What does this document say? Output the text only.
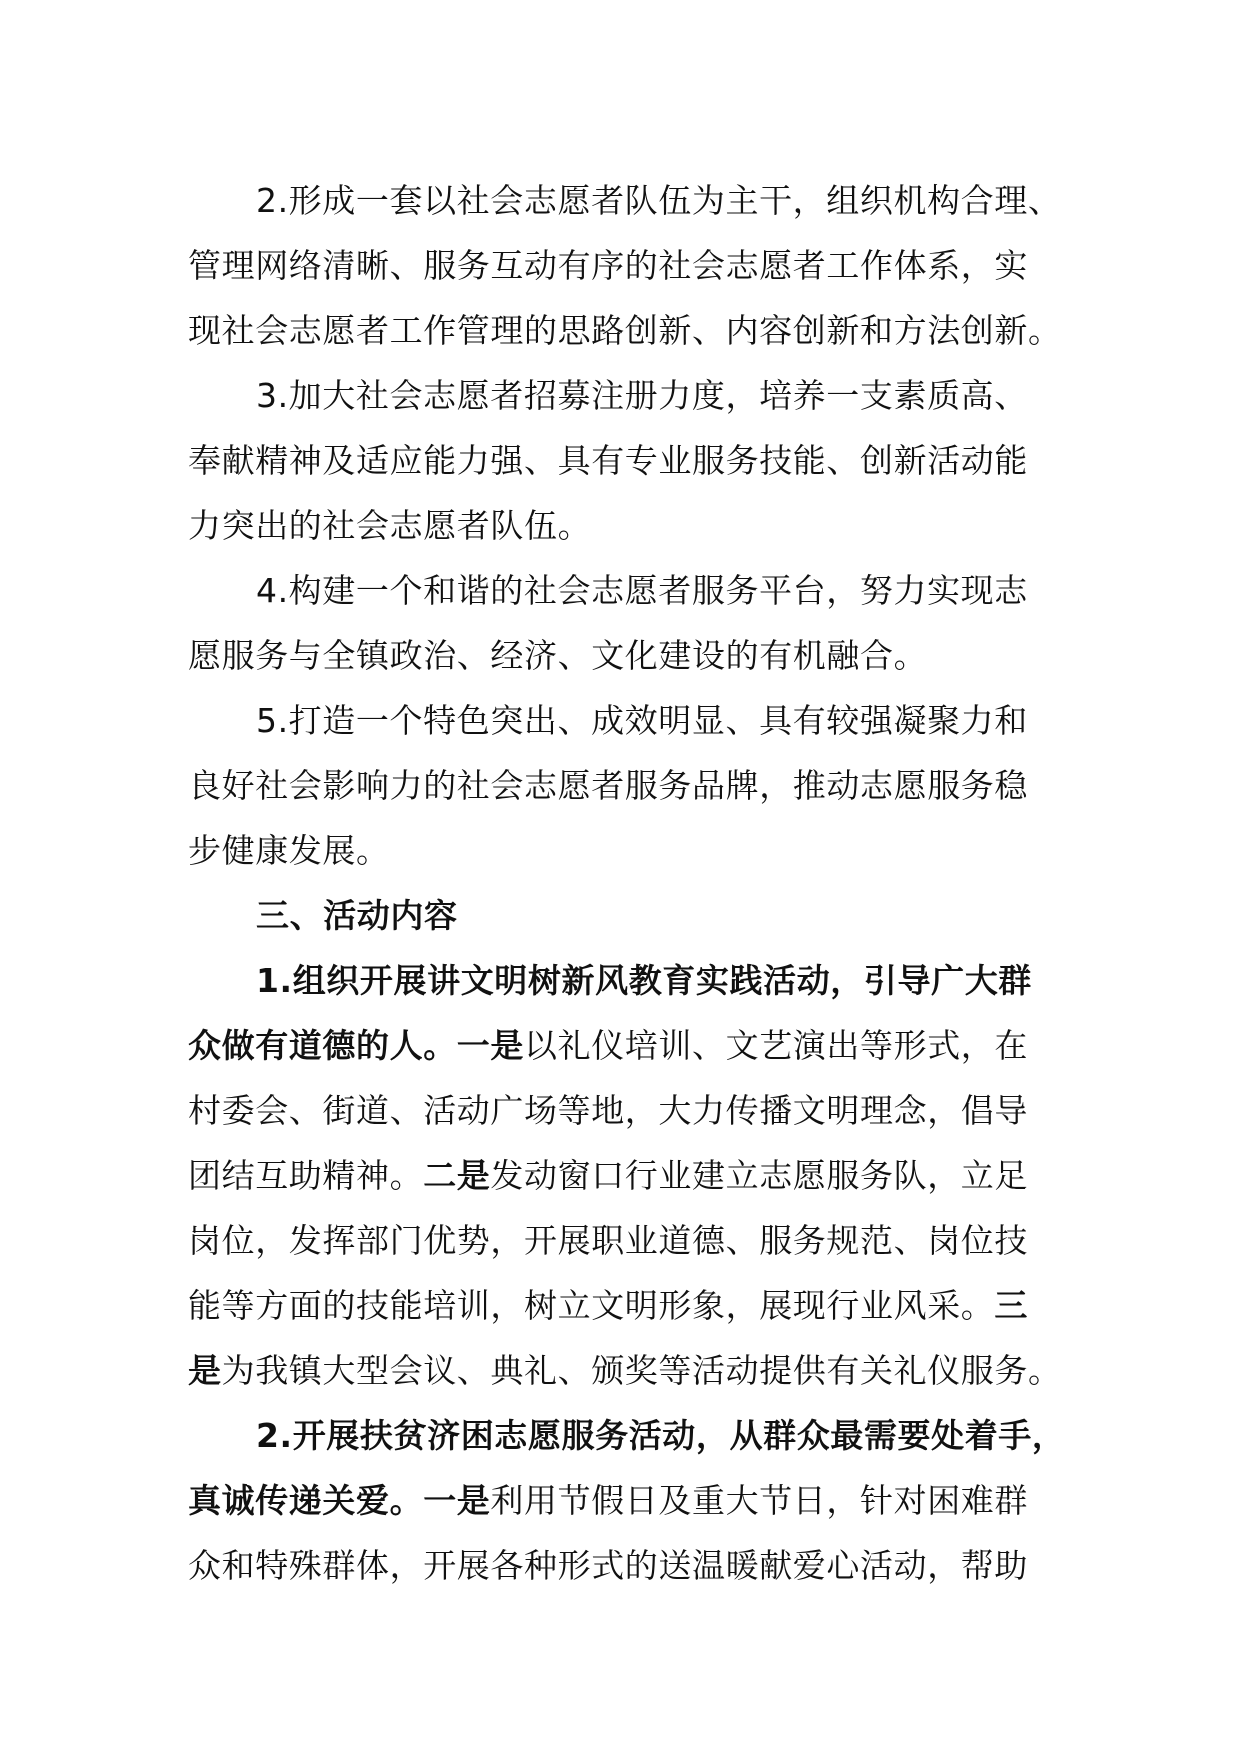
2.形成一套以社会志愿者队伍为主干，组织机构合理、
管理网络清晰、服务互动有序的社会志愿者工作体系，实
现社会志愿者工作管理的思路创新、内容创新和方法创新。
3.加大社会志愿者招募注册力度，培养一支素质高、
奉献精神及适应能力强、具有专业服务技能、创新活动能
力突出的社会志愿者队伍。
4.构建一个和谐的社会志愿者服务平台，努力实现志
愿服务与全镇政治、经济、文化建设的有机融合。
5.打造一个特色突出、成效明显、具有较强凝聚力和
良好社会影响力的社会志愿者服务品牌，推动志愿服务稳
步健康发展。
三、活动内容
1.组织开展讲文明树新风教育实践活动，引导广大群
众做有道德的人。一是以礼仪培训、文艺演出等形式，在
村委会、街道、活动广场等地，大力传播文明理念，倡导
团结互助精神。二是发动窗口行业建立志愿服务队，立足
岗位，发挥部门优势，开展职业道德、服务规范、岗位技
能等方面的技能培训，树立文明形象，展现行业风采。三
是为我镇大型会议、典礼、颁奖等活动提供有关礼仪服务。
2.开展扶贫济困志愿服务活动，从群众最需要处着手，
真诚传递关爱。一是利用节假日及重大节日，针对困难群
众和特殊群体，开展各种形式的送温暖献爱心活动，帮助
